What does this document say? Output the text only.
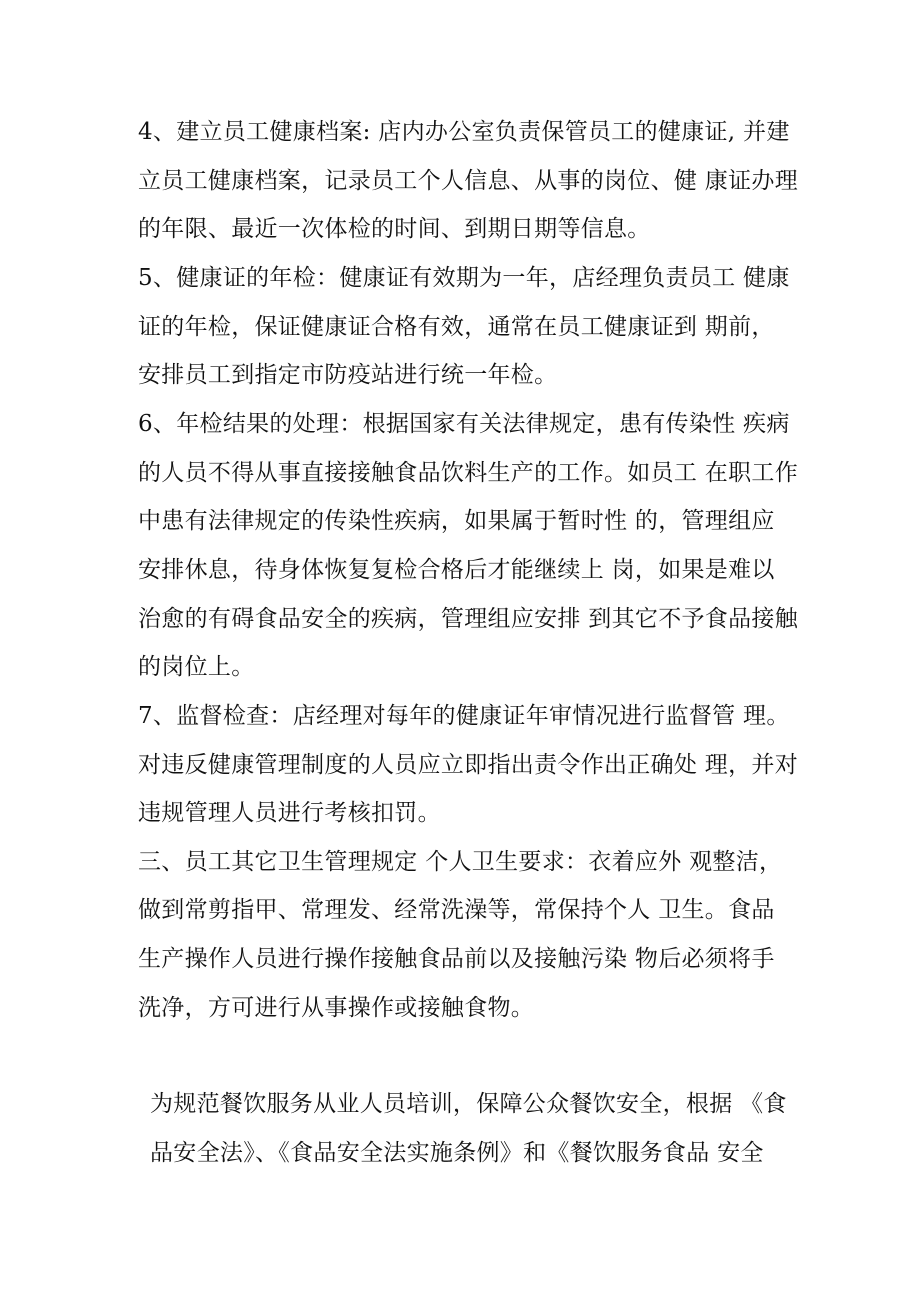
4、建立员工健康档案: 店内办公室负责保管员工的健康证, 并建
立员工健康档案，记录员工个人信息、从事的岗位、健 康证办理
的年限、最近一次体检的时间、到期日期等信息。
5、健康证的年检：健康证有效期为一年，店经理负责员工 健康
证的年检，保证健康证合格有效，通常在员工健康证到 期前，
安排员工到指定市防疫站进行统一年检。
6、年检结果的处理：根据国家有关法律规定，患有传染性 疾病
的人员不得从事直接接触食品饮料生产的工作。如员工 在职工作
中患有法律规定的传染性疾病，如果属于暂时性 的，管理组应
安排休息，待身体恢复复检合格后才能继续上 岗，如果是难以
治愈的有碍食品安全的疾病，管理组应安排 到其它不予食品接触
的岗位上。
7、监督检查：店经理对每年的健康证年审情况进行监督管 理。
对违反健康管理制度的人员应立即指出责令作出正确处 理，并对
违规管理人员进行考核扣罚。
三、员工其它卫生管理规定 个人卫生要求：衣着应外 观整洁，
做到常剪指甲、常理发、经常洗澡等，常保持个人 卫生。食品
生产操作人员进行操作接触食品前以及接触污染 物后必须将手
洗净，方可进行从事操作或接触食物。
为规范餐饮服务从业人员培训，保障公众餐饮安全，根据 《食
品安全法》、《食品安全法实施条例》和《餐饮服务食品 安全
